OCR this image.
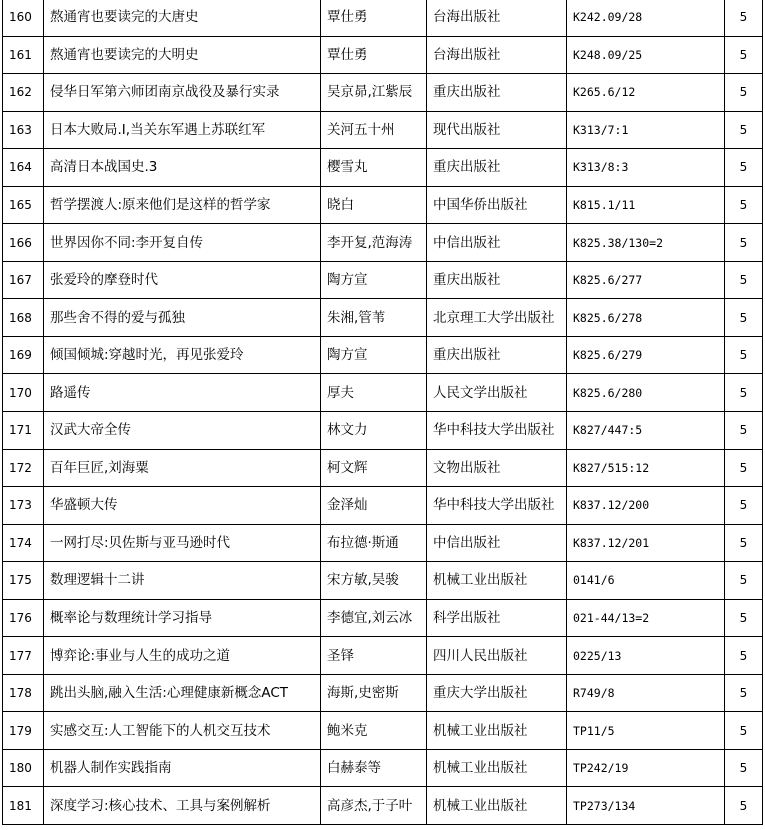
160	熬通宵也要读完的大唐史	覃仕勇	台海出版社	K242.09/28	5
161	熬通宵也要读完的大明史	覃仕勇	台海出版社	K248.09/25	5
162	侵华日军第六师团南京战役及暴行实录	吴京昴,江紫辰	重庆出版社	K265.6/12	5
163	日本大败局.I,当关东军遇上苏联红军	关河五十州	现代出版社	K313/7:1	5
164	高清日本战国史.3	樱雪丸	重庆出版社	K313/8:3	5
165	哲学摆渡人:原来他们是这样的哲学家	晓白	中国华侨出版社	K815.1/11	5
166	世界因你不同:李开复自传	李开复,范海涛	中信出版社	K825.38/130=2	5
167	张爱玲的摩登时代	陶方宣	重庆出版社	K825.6/277	5
168	那些舍不得的爱与孤独	朱湘,管苇	北京理工大学出版社	K825.6/278	5
169	倾国倾城:穿越时光，再见张爱玲	陶方宣	重庆出版社	K825.6/279	5
170	路遥传	厚夫	人民文学出版社	K825.6/280	5
171	汉武大帝全传	林文力	华中科技大学出版社	K827/447:5	5
172	百年巨匠,刘海粟	柯文辉	文物出版社	K827/515:12	5
173	华盛顿大传	金泽灿	华中科技大学出版社	K837.12/200	5
174	一网打尽:贝佐斯与亚马逊时代	布拉德·斯通	中信出版社	K837.12/201	5
175	数理逻辑十二讲	宋方敏,吴骏	机械工业出版社	0141/6	5
176	概率论与数理统计学习指导	李德宜,刘云冰	科学出版社	021-44/13=2	5
177	博弈论:事业与人生的成功之道	圣铎	四川人民出版社	0225/13	5
178	跳出头脑,融入生活:心理健康新概念ACT	海斯,史密斯	重庆大学出版社	R749/8	5
179	实感交互:人工智能下的人机交互技术	鲍米克	机械工业出版社	TP11/5	5
180	机器人制作实践指南	白赫泰等	机械工业出版社	TP242/19	5
181	深度学习:核心技术、工具与案例解析	高彦杰,于子叶	机械工业出版社	TP273/134	5
